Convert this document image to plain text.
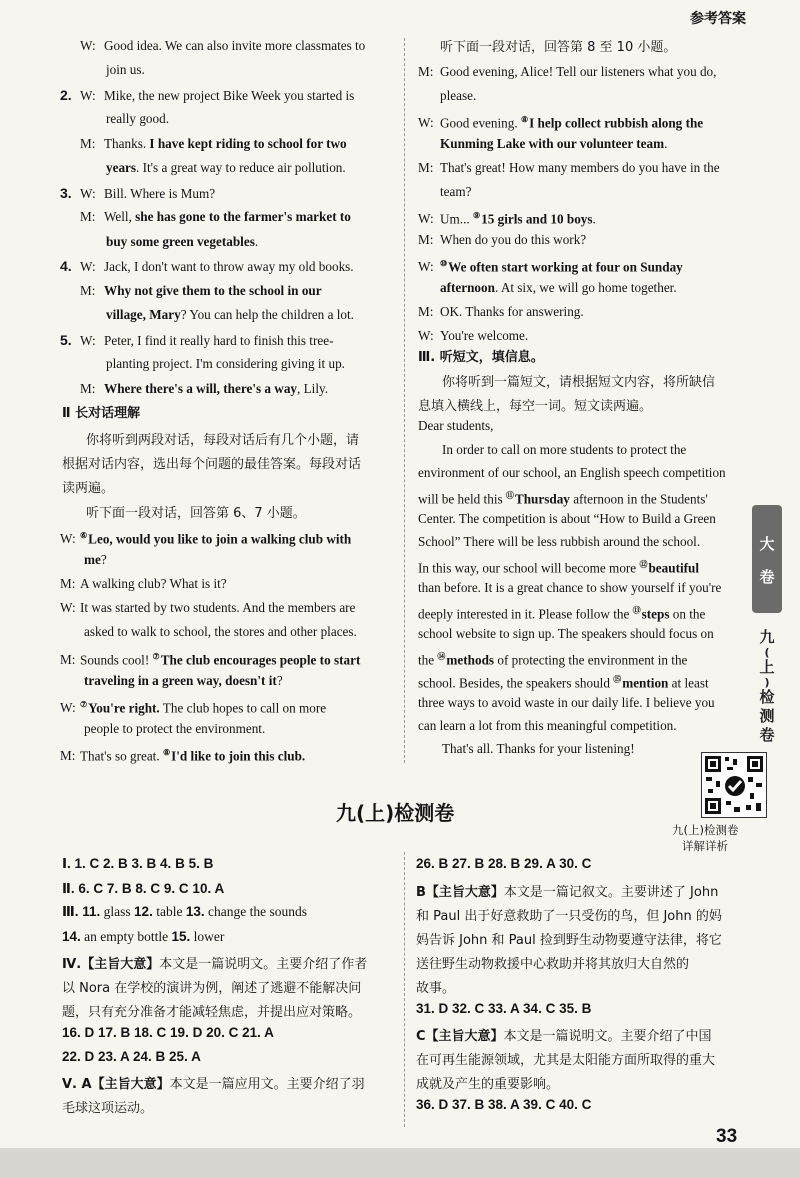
参考答案
W: Good idea. We can also invite more classmates to
join us.
2. W: Mike, the new project Bike Week you started is
really good.
M: Thanks. I have kept riding to school for two
years. It's a great way to reduce air pollution.
3. W: Bill. Where is Mum?
M: Well, she has gone to the farmer's market to
buy some green vegetables.
4. W: Jack, I don't want to throw away my old books.
M: Why not give them to the school in our
village, Mary? You can help the children a lot.
5. W: Peter, I find it really hard to finish this tree-
planting project. I'm considering giving it up.
M: Where there's a will, there's a way, Lily.
Ⅱ 长对话理解
你将听到两段对话，每段对话后有几个小题，请
根据对话内容，选出每个问题的最佳答案。每段对话
读两遍。
听下面一段对话，回答第 6、7 小题。
W: ⑥Leo, would you like to join a walking club with
me?
M: A walking club? What is it?
W: It was started by two students. And the members are
asked to walk to school, the stores and other places.
M: Sounds cool! ⑦The club encourages people to start
traveling in a green way, doesn't it?
W: ⑦You're right. The club hopes to call on more
people to protect the environment.
M: That's so great. ⑧I'd like to join this club.
听下面一段对话，回答第 8 至 10 小题。
M: Good evening, Alice! Tell our listeners what you do,
please.
W: Good evening. ⑧I help collect rubbish along the
Kunming Lake with our volunteer team.
M: That's great! How many members do you have in the
team?
W: Um... ⑨15 girls and 10 boys.
M: When do you do this work?
W: ⑩We often start working at four on Sunday
afternoon. At six, we will go home together.
M: OK. Thanks for answering.
W: You're welcome.
Ⅲ. 听短文，填信息。
你将听到一篇短文，请根据短文内容，将所缺信
息填入横线上，每空一词。短文读两遍。
Dear students,
In order to call on more students to protect the
environment of our school, an English speech competition
will be held this ⑪Thursday afternoon in the Students'
Center. The competition is about “How to Build a Green
School” There will be less rubbish around the school.
In this way, our school will become more ⑫beautiful
than before. It is a great chance to show yourself if you're
deeply interested in it. Please follow the ⑬steps on the
school website to sign up. The speakers should focus on
the ⑭methods of protecting the environment in the
school. Besides, the speakers should ⑮mention at least
three ways to avoid waste in our daily life. I believe you
can learn a lot from this meaningful competition.
That's all. Thanks for your listening!
大
卷
九
(
上
)
检
测
卷
九(上)检测卷
详解详析
九(上)检测卷
Ⅰ. 1. C 2. B 3. B 4. B 5. B
Ⅱ. 6. C 7. B 8. C 9. C 10. A
Ⅲ. 11. glass 12. table 13. change the sounds
14. an empty bottle 15. lower
Ⅳ.【主旨大意】本文是一篇说明文。主要介绍了作者
以 Nora 在学校的演讲为例，阐述了逃避不能解决问
题，只有充分准备才能减轻焦虑，并提出应对策略。
16. D 17. B 18. C 19. D 20. C 21. A
22. D 23. A 24. B 25. A
Ⅴ. A【主旨大意】本文是一篇应用文。主要介绍了羽
毛球这项运动。
26. B 27. B 28. B 29. A 30. C
B【主旨大意】本文是一篇记叙文。主要讲述了 John
和 Paul 出于好意救助了一只受伤的鸟，但 John 的妈
妈告诉 John 和 Paul 捡到野生动物要遵守法律，将它
送往野生动物救援中心救助并将其放归大自然的
故事。
31. D 32. C 33. A 34. C 35. B
C【主旨大意】本文是一篇说明文。主要介绍了中国
在可再生能源领域，尤其是太阳能方面所取得的重大
成就及产生的重要影响。
36. D 37. B 38. A 39. C 40. C
33
